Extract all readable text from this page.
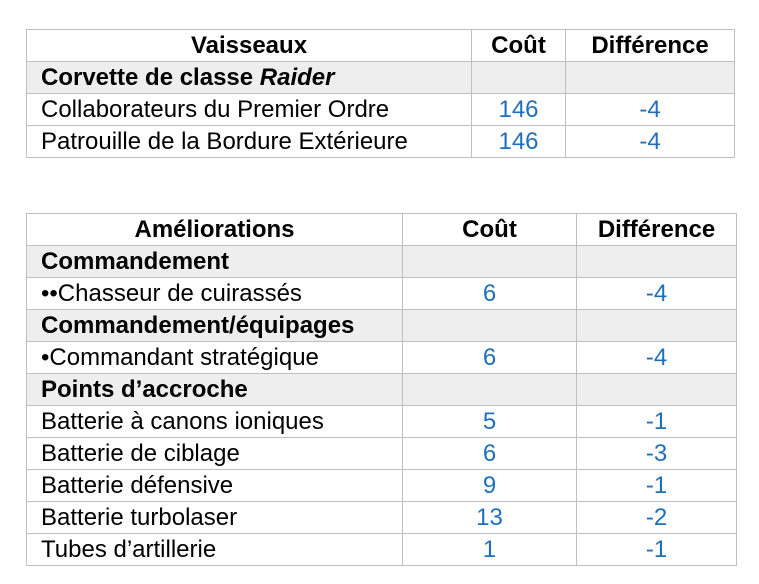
Vaisseaux	Coût	Différence
Corvette de classe Raider		
Collaborateurs du Premier Ordre	146	-4
Patrouille de la Bordure Extérieure	146	-4
Améliorations	Coût	Différence
Commandement		
••Chasseur de cuirassés	6	-4
Commandement/équipages		
•Commandant stratégique	6	-4
Points d’accroche		
Batterie à canons ioniques	5	-1
Batterie de ciblage	6	-3
Batterie défensive	9	-1
Batterie turbolaser	13	-2
Tubes d’artillerie	1	-1
